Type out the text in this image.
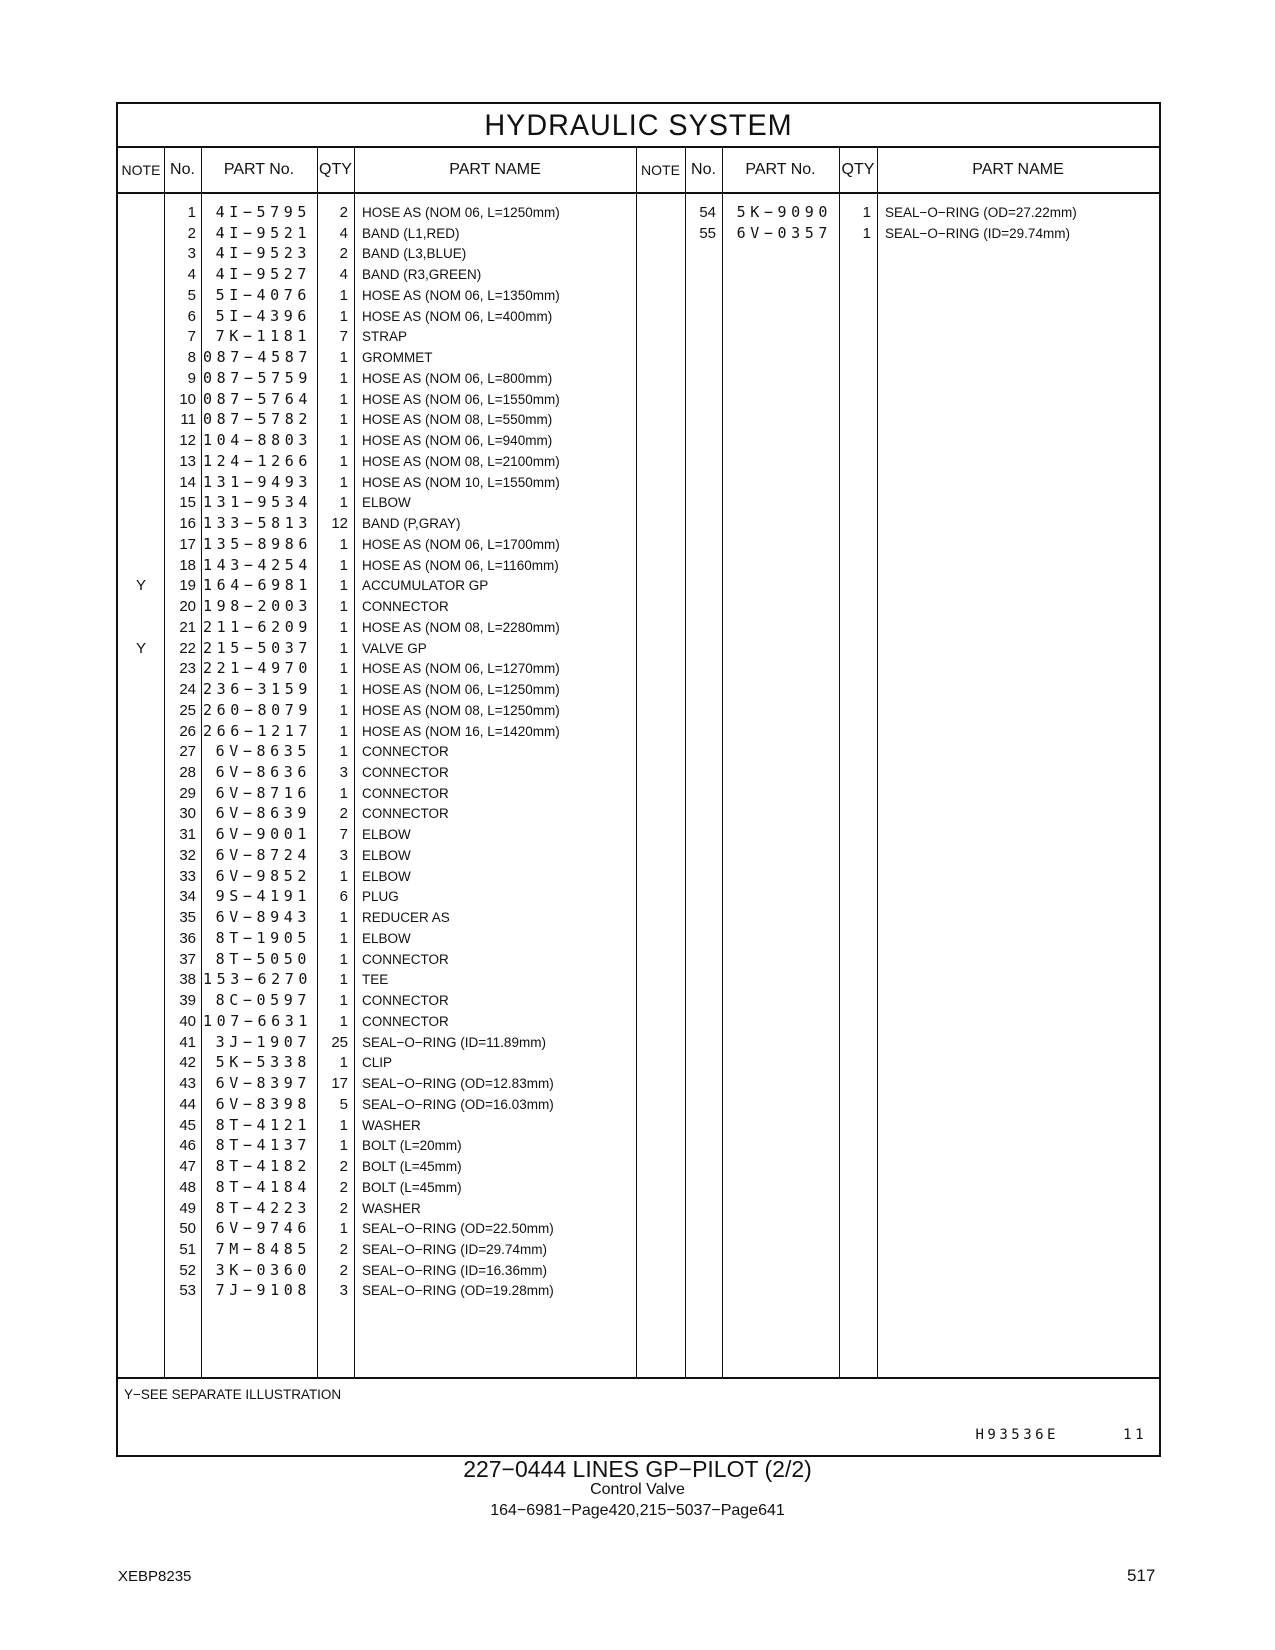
HYDRAULIC SYSTEM
NOTE No.	PART No.	QTY	PART NAME	NOTE No.	PART No.	QTY	PART NAME
1	4I−5795	2 HOSE AS (NOM 06, L=1250mm)
2	4I−9521	4 BAND (L1,RED)
3	4I−9523	2 BAND (L3,BLUE)
4	4I−9527	4 BAND (R3,GREEN)
5	5I−4076	1 HOSE AS (NOM 06, L=1350mm)
6	5I−4396	1 HOSE AS (NOM 06, L=400mm)
7	7K−1181	7 STRAP
8 087−4587	1 GROMMET
9 087−5759	1 HOSE AS (NOM 06, L=800mm)
10 087−5764	1 HOSE AS (NOM 06, L=1550mm)
11 087−5782	1 HOSE AS (NOM 08, L=550mm)
12 104−8803	1 HOSE AS (NOM 06, L=940mm)
13 124−1266	1 HOSE AS (NOM 08, L=2100mm)
14 131−9493	1 HOSE AS (NOM 10, L=1550mm)
15 131−9534	1 ELBOW
16 133−5813	12 BAND (P,GRAY)
17 135−8986	1 HOSE AS (NOM 06, L=1700mm)
18 143−4254	1 HOSE AS (NOM 06, L=1160mm)
Y	19 164−6981	1 ACCUMULATOR GP
20 198−2003	1 CONNECTOR
21 211−6209	1 HOSE AS (NOM 08, L=2280mm)
Y	22 215−5037	1 VALVE GP
23 221−4970	1 HOSE AS (NOM 06, L=1270mm)
24 236−3159	1 HOSE AS (NOM 06, L=1250mm)
25 260−8079	1 HOSE AS (NOM 08, L=1250mm)
26 266−1217	1 HOSE AS (NOM 16, L=1420mm)
27	6V−8635	1 CONNECTOR
28	6V−8636	3 CONNECTOR
29	6V−8716	1 CONNECTOR
30	6V−8639	2 CONNECTOR
31	6V−9001	7 ELBOW
32	6V−8724	3 ELBOW
33	6V−9852	1 ELBOW
34	9S−4191	6 PLUG
35	6V−8943	1 REDUCER AS
36	8T−1905	1 ELBOW
37	8T−5050	1 CONNECTOR
38 153−6270	1 TEE
39	8C−0597	1 CONNECTOR
40 107−6631	1 CONNECTOR
41	3J−1907	25 SEAL−O−RING (ID=11.89mm)
42	5K−5338	1 CLIP
43	6V−8397	17 SEAL−O−RING (OD=12.83mm)
44	6V−8398	5 SEAL−O−RING (OD=16.03mm)
45	8T−4121	1 WASHER
46	8T−4137	1 BOLT (L=20mm)
47	8T−4182	2 BOLT (L=45mm)
48	8T−4184	2 BOLT (L=45mm)
49	8T−4223	2 WASHER
50	6V−9746	1 SEAL−O−RING (OD=22.50mm)
51	7M−8485	2 SEAL−O−RING (ID=29.74mm)
52	3K−0360	2 SEAL−O−RING (ID=16.36mm)
53	7J−9108	3 SEAL−O−RING (OD=19.28mm)
54	5K−9090	1 SEAL−O−RING (OD=27.22mm)
55	6V−0357	1 SEAL−O−RING (ID=29.74mm)
Y−SEE SEPARATE ILLUSTRATION
H93536E	11
227−0444 LINES GP−PILOT (2/2)
Control Valve
164−6981−Page420,215−5037−Page641
XEBP8235	517
